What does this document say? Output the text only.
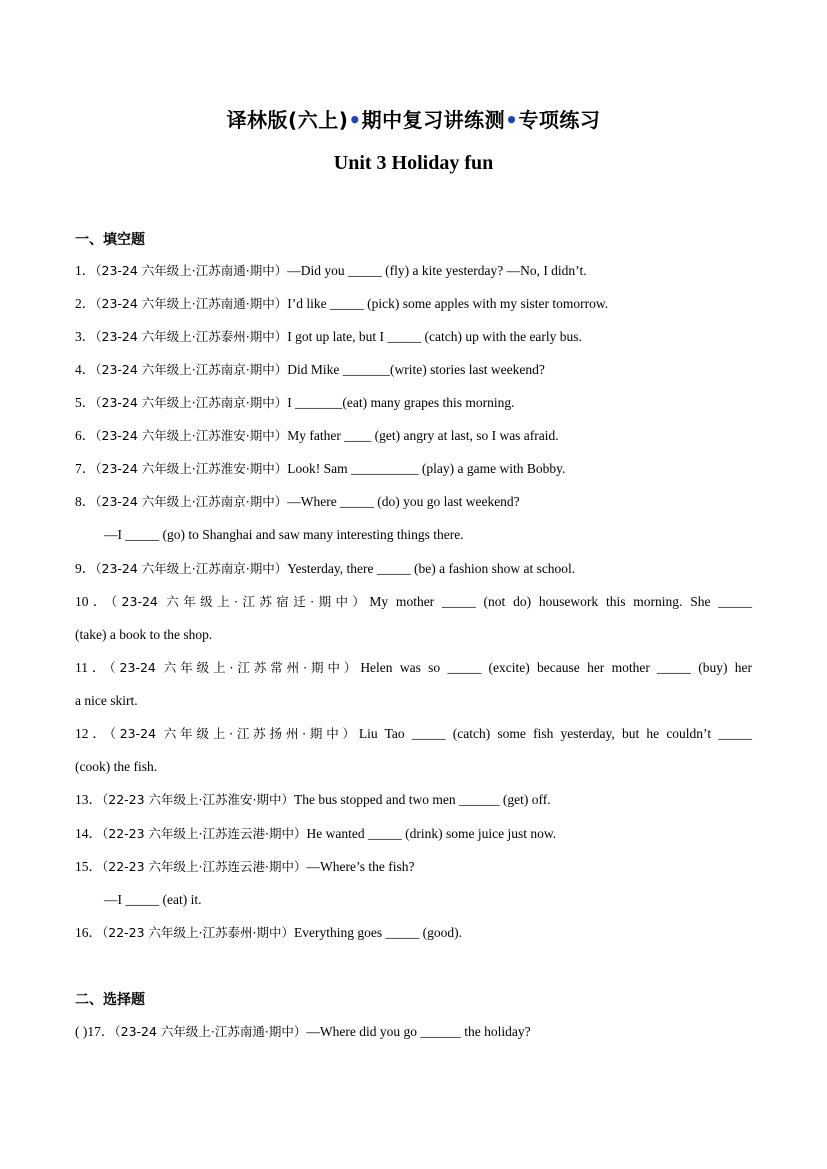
译林版(六上)•期中复习讲练测•专项练习
Unit 3 Holiday fun
一、填空题
1．（23-24 六年级上·江苏南通·期中）—Did you _____ (fly) a kite yesterday? —No, I didn’t.
2．（23-24 六年级上·江苏南通·期中）I’d like _____ (pick) some apples with my sister tomorrow.
3．（23-24 六年级上·江苏泰州·期中）I got up late, but I _____ (catch) up with the early bus.
4．（23-24 六年级上·江苏南京·期中）Did Mike _______(write) stories last weekend?
5．（23-24 六年级上·江苏南京·期中）I _______(eat) many grapes this morning.
6．（23-24 六年级上·江苏淮安·期中）My father ____ (get) angry at last, so I was afraid.
7．（23-24 六年级上·江苏淮安·期中）Look! Sam __________ (play) a game with Bobby.
8．（23-24 六年级上·江苏南京·期中）—Where _____ (do) you go last weekend?
—I _____ (go) to Shanghai and saw many interesting things there.
9．（23-24 六年级上·江苏南京·期中）Yesterday, there _____ (be) a fashion show at school.
10．（23-24 六年级上·江苏宿迁·期中）My mother _____ (not do) housework this morning. She _____
(take) a book to the shop.
11．（23-24 六年级上·江苏常州·期中）Helen was so _____ (excite) because her mother _____ (buy) her
a nice skirt.
12．（23-24 六年级上·江苏扬州·期中）Liu Tao _____ (catch) some fish yesterday, but he couldn’t _____
(cook) the fish.
13．（22-23 六年级上·江苏淮安·期中）The bus stopped and two men ______ (get) off.
14．（22-23 六年级上·江苏连云港·期中）He wanted _____ (drink) some juice just now.
15．（22-23 六年级上·江苏连云港·期中）—Where’s the fish?
—I _____ (eat) it.
16．（22-23 六年级上·江苏泰州·期中）Everything goes _____ (good).
二、选择题
( )17．（23-24 六年级上·江苏南通·期中）—Where did you go ______ the holiday?
